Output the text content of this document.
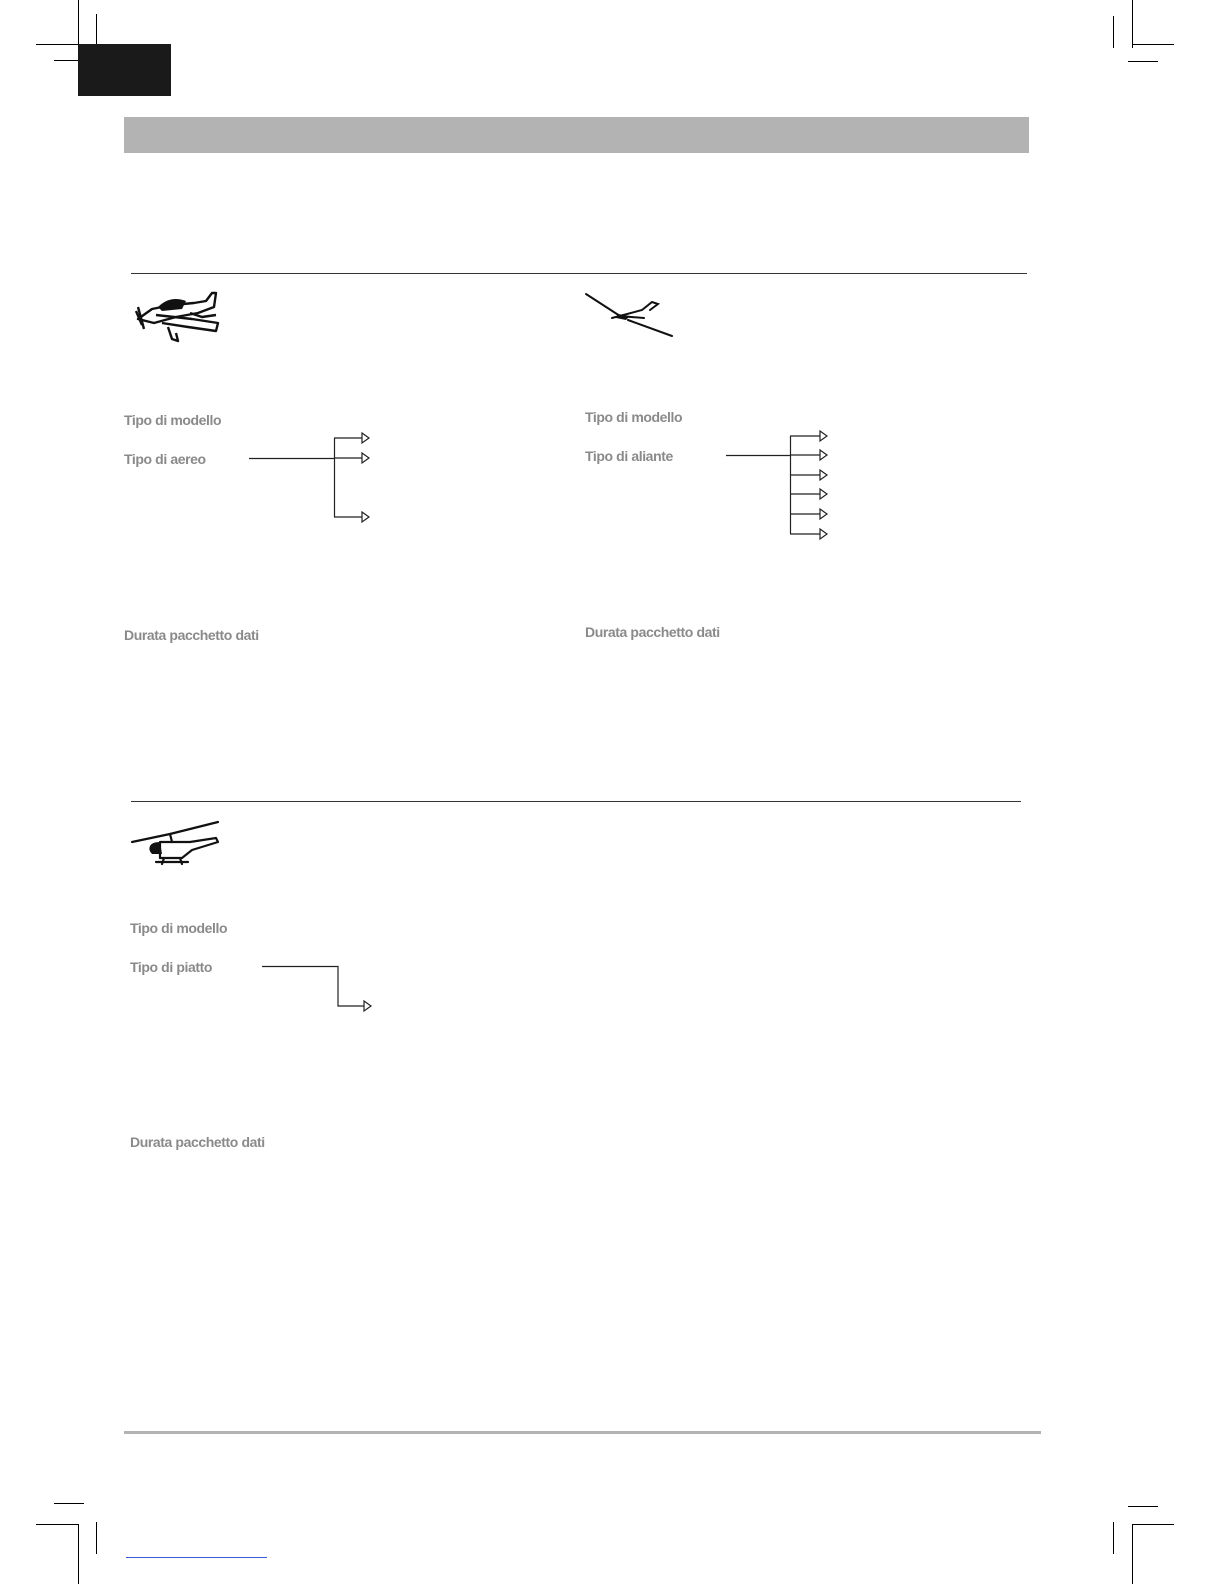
Tipo di modello
Tipo di aereo
Durata pacchetto dati
Tipo di modello
Tipo di aliante
Durata pacchetto dati
Tipo di modello
Tipo di piatto
Durata pacchetto dati
